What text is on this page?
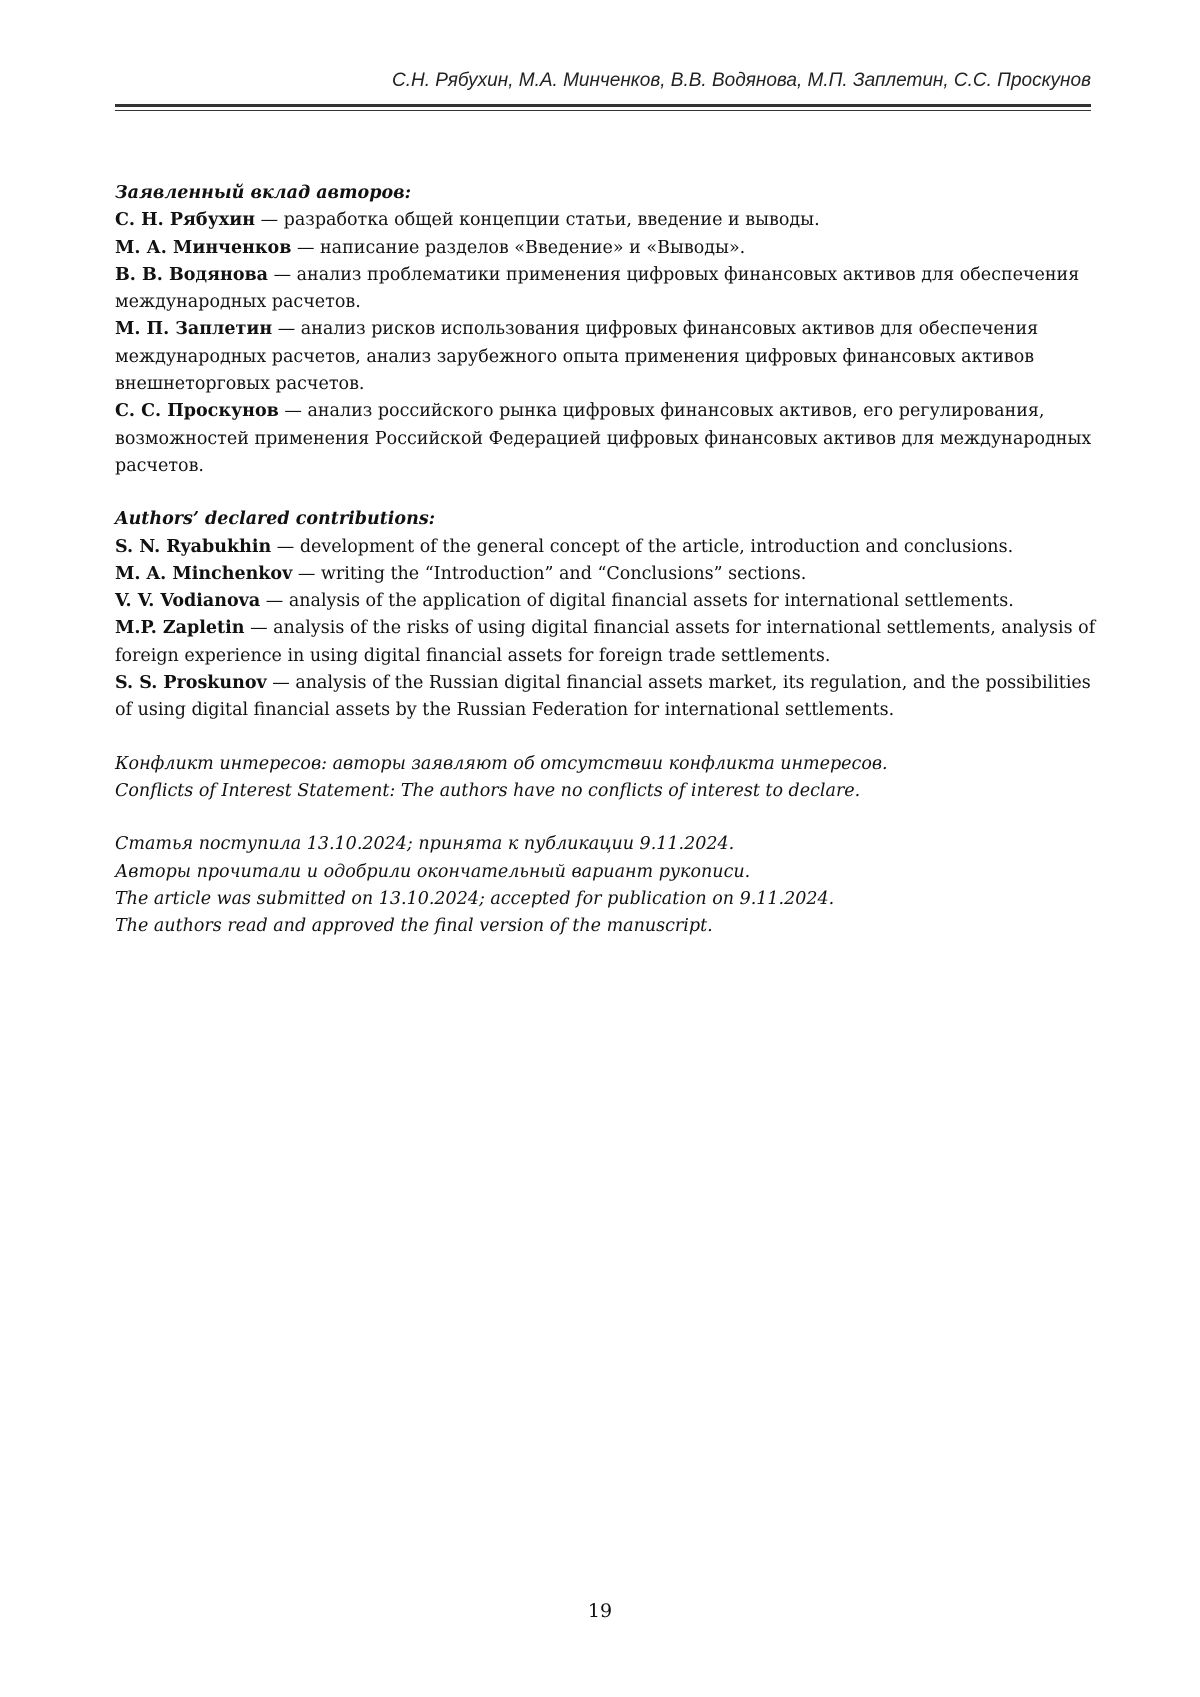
С.Н. Рябухин, М.А. Минченков, В.В. Водянова, М.П. Заплетин, С.С. Проскунов

Заявленный вклад авторов:

С. Н. Рябухин — разработка общей концепции статьи, введение и выводы.

М. А. Минченков — написание разделов «Введение» и «Выводы».

В. В. Водянова — анализ проблематики применения цифровых финансовых активов для обеспечения международных расчетов.

М. П. Заплетин — анализ рисков использования цифровых финансовых активов для обеспечения международных расчетов, анализ зарубежного опыта применения цифровых финансовых активов внешнеторговых расчетов.

С. С. Проскунов — анализ российского рынка цифровых финансовых активов, его регулирования, возможностей применения Российской Федерацией цифровых финансовых активов для международных расчетов.

Authors’ declared contributions:

S. N. Ryabukhin — development of the general concept of the article, introduction and conclusions.

M. A. Minchenkov — writing the “Introduction” and “Conclusions” sections.

V. V. Vodianova — analysis of the application of digital financial assets for international settlements.

M.P. Zapletin — analysis of the risks of using digital financial assets for international settlements, analysis of foreign experience in using digital financial assets for foreign trade settlements.

S. S. Proskunov — analysis of the Russian digital financial assets market, its regulation, and the possibilities of using digital financial assets by the Russian Federation for international settlements.

Конфликт интересов: авторы заявляют об отсутствии конфликта интересов.

Conflicts of Interest Statement: The authors have no conflicts of interest to declare.

Статья поступила 13.10.2024; принята к публикации 9.11.2024.

Авторы прочитали и одобрили окончательный вариант рукописи.

The article was submitted on 13.10.2024; accepted for publication on 9.11.2024.

The authors read and approved the final version of the manuscript.

19
